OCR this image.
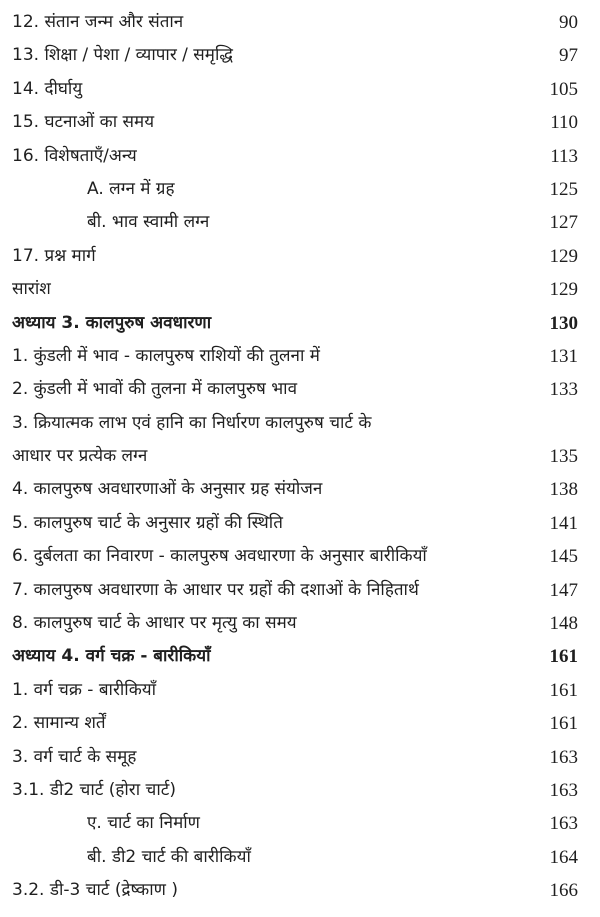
12. संतान जन्म और संतान	90
13. शिक्षा / पेशा / व्यापार / समृद्धि	97
14. दीर्घायु	105
15. घटनाओं का समय	110
16. विशेषताएँ/अन्य	113
A. लग्न में ग्रह	125
बी. भाव स्वामी लग्न	127
17. प्रश्न मार्ग	129
सारांश	129
अध्याय 3. कालपुरुष अवधारणा	130
1. कुंडली में भाव - कालपुरुष राशियों की तुलना में	131
2. कुंडली में भावों की तुलना में कालपुरुष भाव	133
3. क्रियात्मक लाभ एवं हानि का निर्धारण कालपुरुष चार्ट के
आधार पर प्रत्येक लग्न	135
4. कालपुरुष अवधारणाओं के अनुसार ग्रह संयोजन	138
5. कालपुरुष चार्ट के अनुसार ग्रहों की स्थिति	141
6. दुर्बलता का निवारण - कालपुरुष अवधारणा के अनुसार बारीकियाँ	145
7. कालपुरुष अवधारणा के आधार पर ग्रहों की दशाओं के निहितार्थ	147
8. कालपुरुष चार्ट के आधार पर मृत्यु का समय	148
अध्याय 4. वर्ग चक्र - बारीकियाँ	161
1. वर्ग चक्र - बारीकियाँ	161
2. सामान्य शर्तें	161
3. वर्ग चार्ट के समूह	163
3.1. डी2 चार्ट (होरा चार्ट)	163
ए. चार्ट का निर्माण	163
बी. डी2 चार्ट की बारीकियाँ	164
3.2. डी-3 चार्ट (द्रेष्काण )	166
